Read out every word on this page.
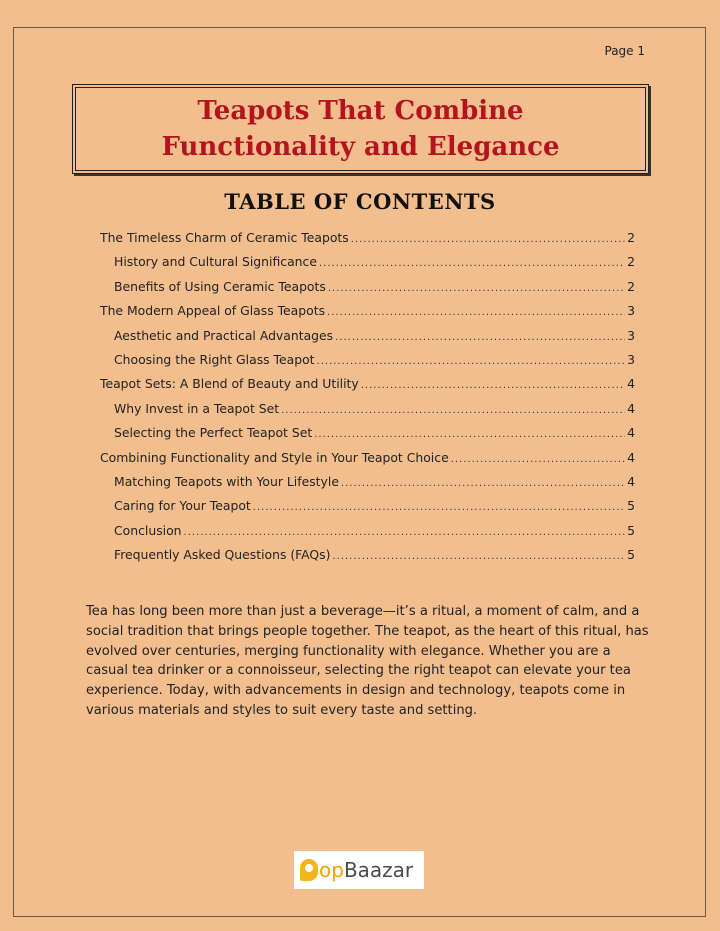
Page 1
Teapots That Combine Functionality and Elegance
TABLE OF CONTENTS
The Timeless Charm of Ceramic Teapots .....	2
History and Cultural Significance .....	2
Benefits of Using Ceramic Teapots .....	2
The Modern Appeal of Glass Teapots .....	3
Aesthetic and Practical Advantages .....	3
Choosing the Right Glass Teapot .....	3
Teapot Sets: A Blend of Beauty and Utility .....	4
Why Invest in a Teapot Set .....	4
Selecting the Perfect Teapot Set .....	4
Combining Functionality and Style in Your Teapot Choice .....	4
Matching Teapots with Your Lifestyle .....	4
Caring for Your Teapot .....	5
Conclusion .....	5
Frequently Asked Questions (FAQs) .....	5

Tea has long been more than just a beverage—it’s a ritual, a moment of calm, and a social tradition that brings people together. The teapot, as the heart of this ritual, has evolved over centuries, merging functionality with elegance. Whether you are a casual tea drinker or a connoisseur, selecting the right teapot can elevate your tea experience. Today, with advancements in design and technology, teapots come in various materials and styles to suit every taste and setting.

opBaazar
